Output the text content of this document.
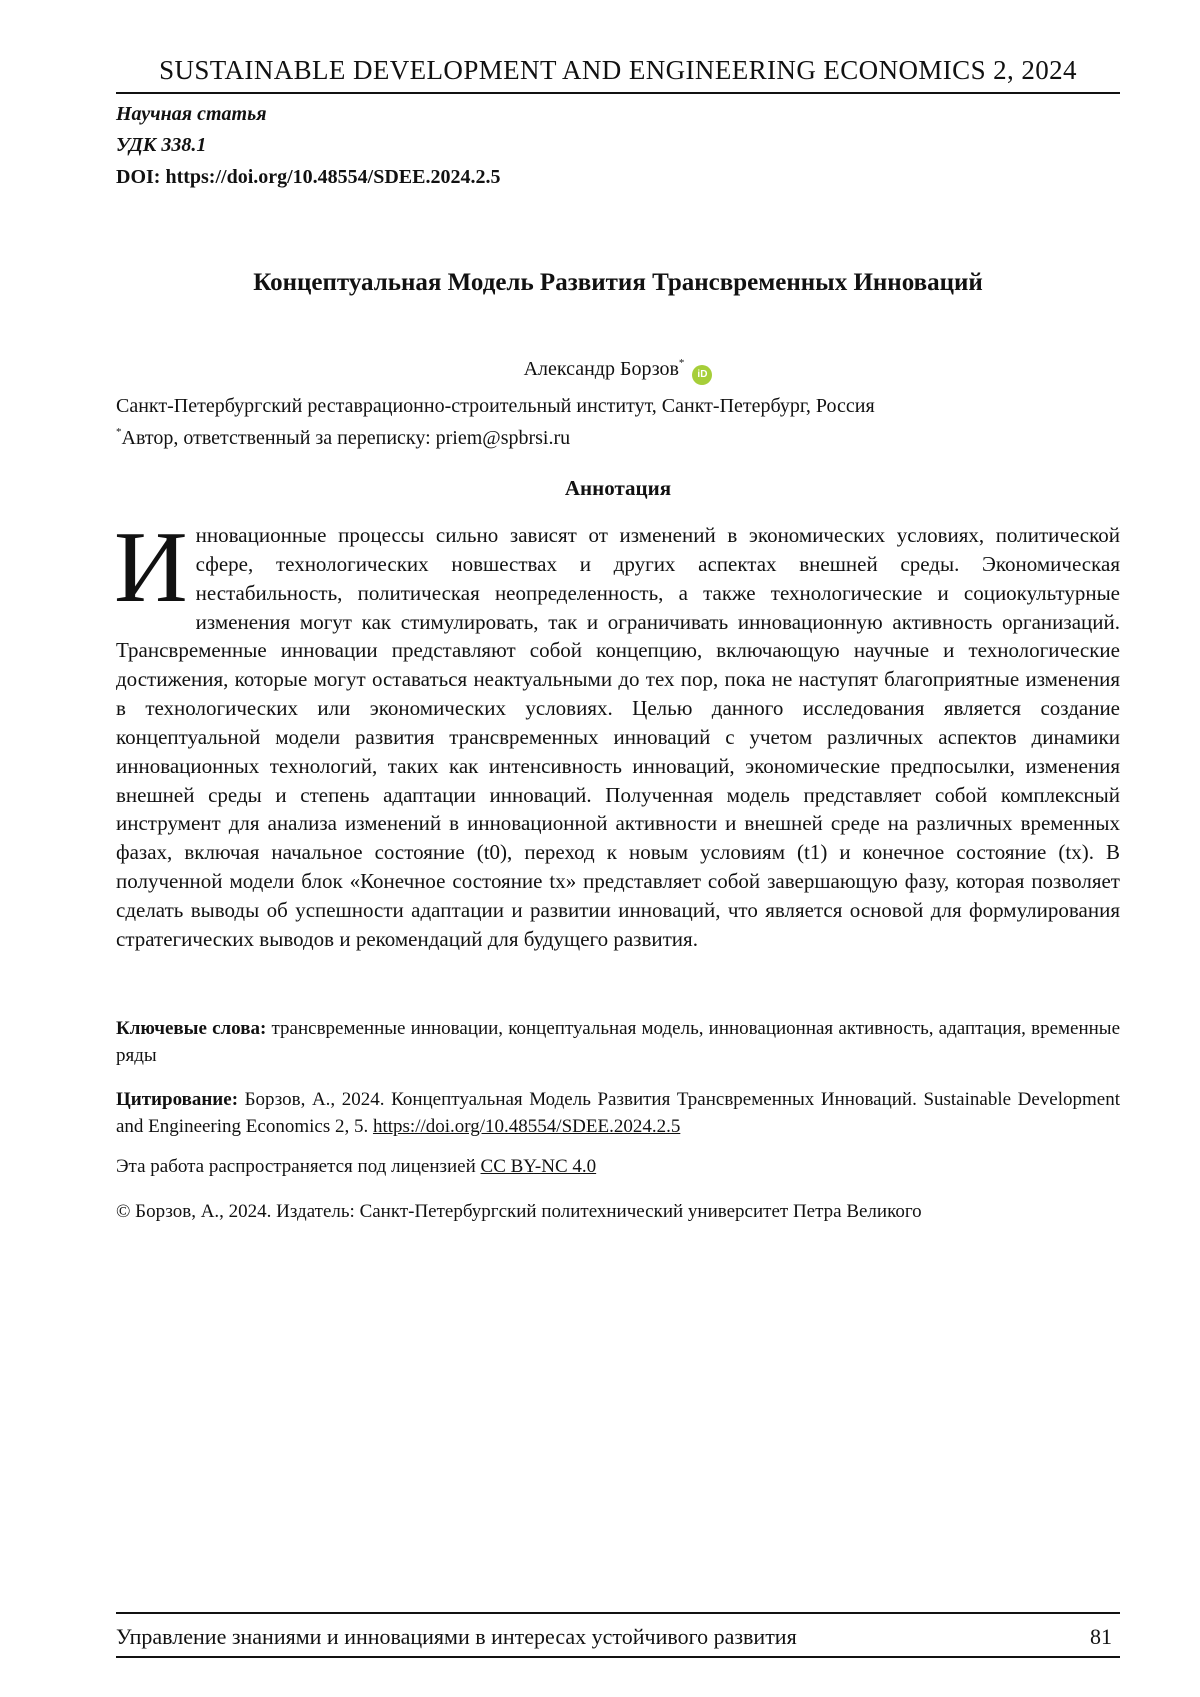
SUSTAINABLE DEVELOPMENT AND ENGINEERING ECONOMICS 2, 2024
Научная статья
УДК 338.1
DOI: https://doi.org/10.48554/SDEE.2024.2.5
Концептуальная Модель Развития Трансвременных Инноваций
Александр Борзов*iD
Санкт-Петербургский реставрационно-строительный институт, Санкт-Петербург, Россия
*Автор, ответственный за переписку: priem@spbrsi.ru
Аннотация

Инновационные процессы сильно зависят от изменений в экономических условиях, политической сфере, технологических новшествах и других аспектах внешней среды. Экономическая нестабильность, политическая неопределенность, а также технологические и социокультурные изменения могут как стимулировать, так и ограничивать инновационную активность организаций. Трансвременные инновации представляют собой концепцию, включающую научные и технологические достижения, которые могут оставаться неактуальными до тех пор, пока не наступят благоприятные изменения в технологических или экономических условиях. Целью данного исследования является создание концептуальной модели развития трансвременных инноваций с учетом различных аспектов динамики инновационных технологий, таких как интенсивность инноваций, экономические предпосылки, изменения внешней среды и степень адаптации инноваций. Полученная модель представляет собой комплексный инструмент для анализа изменений в инновационной активности и внешней среде на различных временных фазах, включая начальное состояние (t0), переход к новым условиям (t1) и конечное состояние (tx). В полученной модели блок «Конечное состояние tx» представляет собой завершающую фазу, которая позволяет сделать выводы об успешности адаптации и развитии инноваций, что является основой для формулирования стратегических выводов и рекомендаций для будущего развития.

Ключевые слова: трансвременные инновации, концептуальная модель, инновационная активность, адаптация, временные ряды

Цитирование: Борзов, А., 2024. Концептуальная Модель Развития Трансвременных Инноваций. Sustainable Development and Engineering Economics 2, 5. https://doi.org/10.48554/SDEE.2024.2.5

Эта работа распространяется под лицензией CC BY-NC 4.0

© Борзов, А., 2024. Издатель: Санкт-Петербургский политехнический университет Петра Великого

Управление знаниями и инновациями в интересах устойчивого развития	81
